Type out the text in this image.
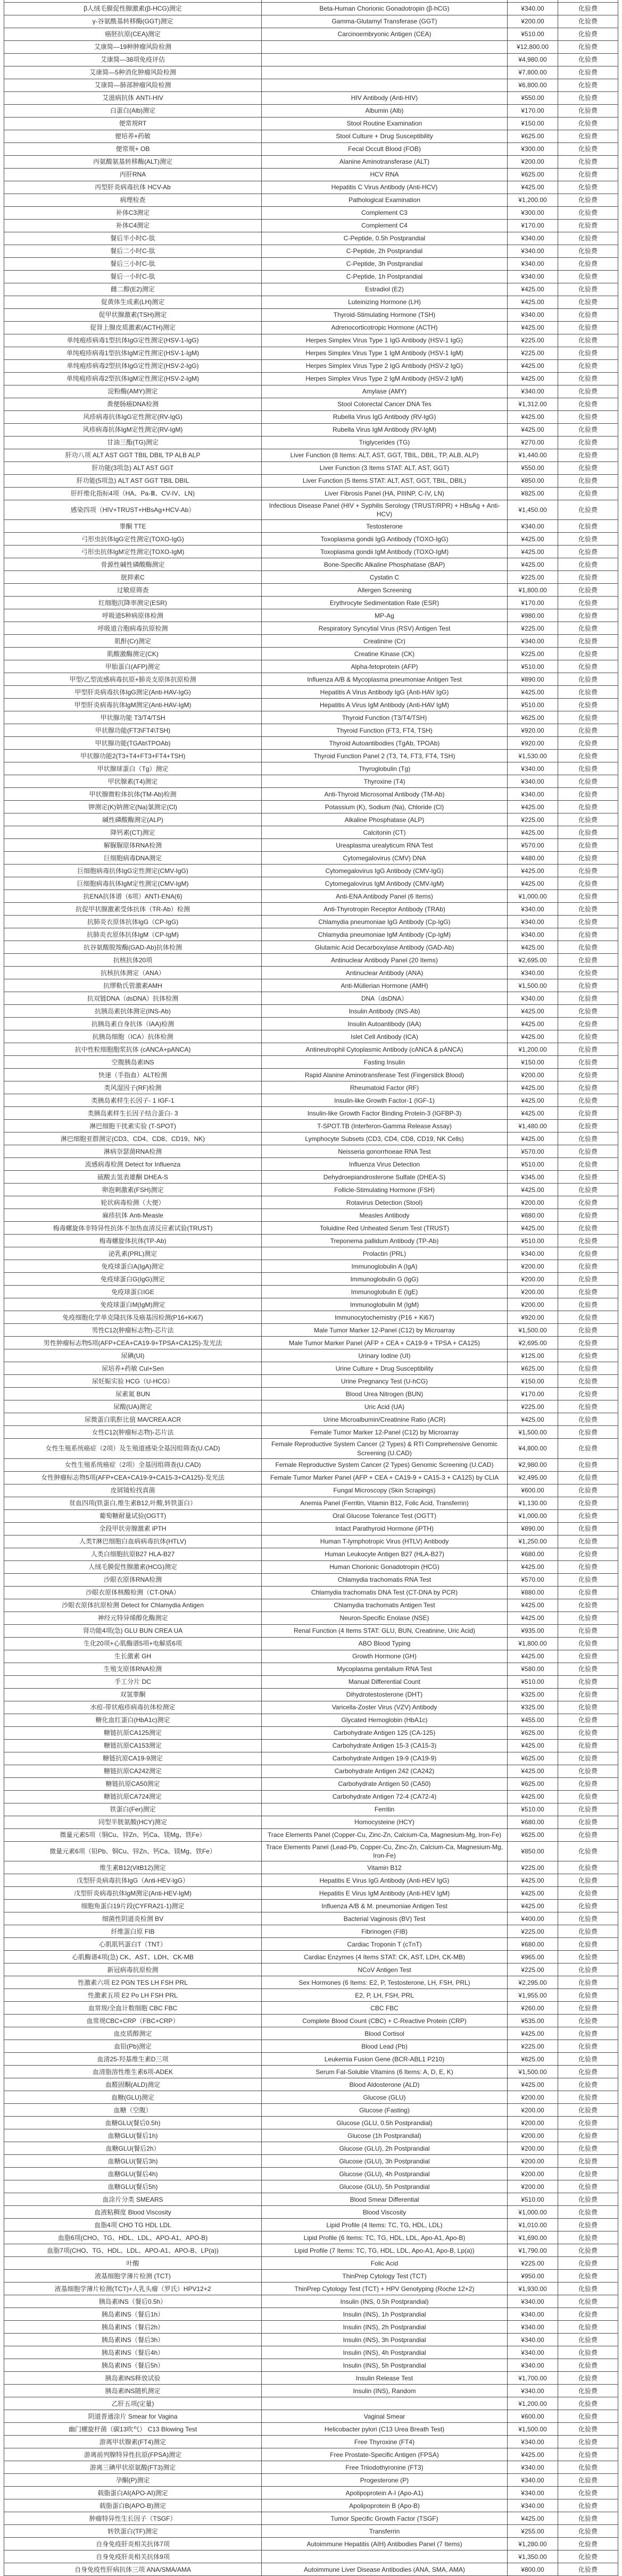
β人绒毛膜促性腺激素(β-HCG)测定	Beta-Human Chorionic Gonadotropin (β-hCG)	¥340.00	化验费
γ-谷氨酰基转移酶(GGT)测定	Gamma-Glutamyl Transferase (GGT)	¥200.00	化验费
癌胚抗原(CEA)测定	Carcinoembryonic Antigen (CEA)	¥510.00	化验费
艾康简—19种肿瘤风险检测		¥12,800.00	化验费
艾康简—38项免疫评估		¥4,980.00	化验费
艾康简—5种消化肿瘤风险检测		¥7,800.00	化验费
艾康简—肺部肿瘤风险检测		¥6,800.00	化验费
艾滋病抗体 ANTI-HIV	HIV Antibody (Anti-HIV)	¥550.00	化验费
白蛋白(Alb)测定	Albumin (Alb)	¥170.00	化验费
便常规RT	Stool Routine Examination	¥150.00	化验费
便培养+药敏	Stool Culture + Drug Susceptibility	¥625.00	化验费
便常规+ OB	Fecal Occult Blood (FOB)	¥300.00	化验费
丙氨酸氨基转移酶(ALT)测定	Alanine Aminotransferase (ALT)	¥200.00	化验费
丙肝RNA	HCV RNA	¥625.00	化验费
丙型肝炎病毒抗体 HCV-Ab	Hepatitis C Virus Antibody (Anti-HCV)	¥425.00	化验费
病理检查	Pathological Examination	¥1,200.00	化验费
补体C3测定	Complement C3	¥300.00	化验费
补体C4测定	Complement C4	¥170.00	化验费
餐后半小时C-肽	C-Peptide, 0.5h Postprandial	¥340.00	化验费
餐后二小时C-肽	C-Peptide, 2h Postprandial	¥340.00	化验费
餐后三小时C-肽	C-Peptide, 3h Postprandial	¥340.00	化验费
餐后一小时C-肽	C-Peptide, 1h Postprandial	¥340.00	化验费
雌二醇(E2)测定	Estradiol (E2)	¥425.00	化验费
促黄体生成素(LH)测定	Luteinizing Hormone (LH)	¥425.00	化验费
促甲状腺激素(TSH)测定	Thyroid-Stimulating Hormone (TSH)	¥340.00	化验费
促肾上腺皮质激素(ACTH)测定	Adrenocorticotropic Hormone (ACTH)	¥425.00	化验费
单纯疱疹病毒1型抗体IgG定性测定(HSV-1-IgG)	Herpes Simplex Virus Type 1 IgG Antibody (HSV-1 IgG)	¥225.00	化验费
单纯疱疹病毒1型抗体IgM定性测定(HSV-1-IgM)	Herpes Simplex Virus Type 1 IgM Antibody (HSV-1 IgM)	¥225.00	化验费
单纯疱疹病毒2型抗体IgG定性测定(HSV-2-IgG)	Herpes Simplex Virus Type 2 IgG Antibody (HSV-2 IgG)	¥425.00	化验费
单纯疱疹病毒2型抗体IgM定性测定(HSV-2-IgM)	Herpes Simplex Virus Type 2 IgM Antibody (HSV-2 IgM)	¥425.00	化验费
淀粉酶(AMY)测定	Amylase (AMY)	¥340.00	化验费
粪便肠癌DNA检测	Stool Colorectal Cancer DNA Tes	¥1,312.00	化验费
风疹病毒抗体IgG定性测定(RV-IgG)	Rubella Virus IgG Antibody (RV-IgG)	¥425.00	化验费
风疹病毒抗体IgM定性测定(RV-IgM)	Rubella Virus IgM Antibody (RV-IgM)	¥425.00	化验费
甘油三酯(TG)测定	Triglycerides (TG)	¥270.00	化验费
肝功八项 ALT AST GGT TBIL DBIL TP ALB ALP	Liver Function (8 Items: ALT, AST, GGT, TBIL, DBIL, TP, ALB, ALP)	¥1,440.00	化验费
肝功能(3项急) ALT AST GGT	Liver Function (3 Items STAT: ALT, AST, GGT)	¥550.00	化验费
肝功能(5项急) ALT AST GGT TBIL DBIL	Liver Function (5 Items STAT: ALT, AST, GGT, TBIL, DBIL)	¥850.00	化验费
肝纤维化指标4项（HA、Pa-Ⅲ、CV-IV、LN)	Liver Fibrosis Panel (HA, PIIINP, C-IV, LN)	¥825.00	化验费
感染四项（HIV+TRUST+HBsAg+HCV-Ab）	Infectious Disease Panel (HIV + Syphilis Serology (TRUST/RPR) + HBsAg + Anti-HCV)	¥1,450.00	化验费
睾酮 TTE	Testosterone	¥340.00	化验费
弓形虫抗体IgG定性测定(TOXO-IgG)	Toxoplasma gondii IgG Antibody (TOXO-IgG)	¥425.00	化验费
弓形虫抗体IgM定性测定(TOXO-IgM)	Toxoplasma gondii IgM Antibody (TOXO-IgM)	¥425.00	化验费
骨源性碱性磷酸酶测定	Bone-Specific Alkaline Phosphatase (BAP)	¥425.00	化验费
胱抑素C	Cystatin C	¥225.00	化验费
过敏原筛查	Allergen Screening	¥1,800.00	化验费
红细胞沉降率测定(ESR)	Erythrocyte Sedimentation Rate (ESR)	¥170.00	化验费
呼吸道5种病原体检测	MP-Ag	¥980.00	化验费
呼吸道合胞病毒抗原检测	Respiratory Syncytial Virus (RSV) Antigen Test	¥225.00	化验费
肌酐(Cr)测定	Creatinine (Cr)	¥340.00	化验费
肌酸激酶测定(CK)	Creatine Kinase (CK)	¥225.00	化验费
甲胎蛋白(AFP)测定	Alpha-fetoprotein (AFP)	¥510.00	化验费
甲型/乙型流感病毒抗原+肺炎支原体抗原检测	Influenza A/B & Mycoplasma pneumoniae Antigen Test	¥890.00	化验费
甲型肝炎病毒抗体IgG测定(Anti-HAV-IgG)	Hepatitis A Virus Antibody IgG (Anti-HAV IgG)	¥425.00	化验费
甲型肝炎病毒抗体IgM测定(Anti-HAV-IgM)	Hepatitis A Virus IgM Antibody (Anti-HAV IgM)	¥510.00	化验费
甲状腺功能 T3/T4/TSH	Thyroid Function (T3/T4/TSH)	¥625.00	化验费
甲状腺功能(FT3\FT4\TSH)	Thyroid Function (FT3, FT4, TSH)	¥920.00	化验费
甲状腺功能(TGAb\TPOAb)	Thyroid Autoantibodies (TgAb, TPOAb)	¥920.00	化验费
甲状腺功能2(T3+T4+FT3+FT4+TSH)	Thyroid Function Panel 2 (T3, T4, FT3, FT4, TSH)	¥1,530.00	化验费
甲状腺球蛋白（Tg）测定	Thyroglobulin (Tg)	¥340.00	化验费
甲状腺素(T4)测定	Thyroxine (T4)	¥340.00	化验费
甲状腺微粒体抗体(TM-Ab)检测	Anti-Thyroid Microsomal Antibody (TM-Ab)	¥340.00	化验费
钾测定(K)钠测定(Na)氯测定(Cl)	Potassium (K), Sodium (Na), Chloride (Cl)	¥425.00	化验费
碱性磷酸酶测定(ALP)	Alkaline Phosphatase (ALP)	¥225.00	化验费
降钙素(CT)测定	Calcitonin (CT)	¥425.00	化验费
解脲脲原体RNA检测	Ureaplasma urealyticum RNA Test	¥570.00	化验费
巨细胞病毒DNA测定	Cytomegalovirus (CMV) DNA	¥480.00	化验费
巨细胞病毒抗体IgG定性测定(CMV-IgG)	Cytomegalovirus IgG Antibody (CMV-IgG)	¥425.00	化验费
巨细胞病毒抗体IgM定性测定(CMV-IgM)	Cytomegalovirus IgM Antibody (CMV-IgM)	¥425.00	化验费
抗ENA抗体谱（6项）ANTI-ENA(6)	Anti-ENA Antibody Panel (6 Items)	¥1,000.00	化验费
抗促甲状腺激素受体抗体（TR-Ab）检测	Anti-Thyrotropin Receptor Antibody (TRAb)	¥340.00	化验费
抗肺炎衣原体抗体IgG（CP-IgG)	Chlamydia pneumoniae IgG Antibody (Cp-IgG)	¥340.00	化验费
抗肺炎衣原体抗体IgM（CP-IgM)	Chlamydia pneumoniae IgM Antibody (Cp-IgM)	¥340.00	化验费
抗谷氨酸脱羧酶(GAD-Ab)抗体检测	Glutamic Acid Decarboxylase Antibody (GAD-Ab)	¥425.00	化验费
抗核抗体20项	Antinuclear Antibody Panel (20 Items)	¥2,695.00	化验费
抗核抗体测定（ANA）	Antinuclear Antibody (ANA)	¥340.00	化验费
抗缪勒氏管激素AMH	Anti-Müllerian Hormone (AMH)	¥1,500.00	化验费
抗双链DNA（dsDNA）抗体检测	DNA（dsDNA）	¥340.00	化验费
抗胰岛素抗体测定(INS-Ab)	Insulin Antibody (INS-Ab)	¥425.00	化验费
抗胰岛素自身抗体（IAA)检测	Insulin Autoantibody (IAA)	¥425.00	化验费
抗胰岛细胞（ICA）抗体检测	Islet Cell Antibody (ICA)	¥425.00	化验费
抗中性粒细胞胞浆抗体 (cANCA+pANCA)	Antineutrophil Cytoplasmic Antibody (cANCA & pANCA)	¥1,200.00	化验费
空腹胰岛素INS	Fasting Insulin	¥150.00	化验费
快速（手指血）ALT检测	Rapid Alanine Aminotransferase Test (Fingerstick Blood)	¥200.00	化验费
类风湿因子(RF)检测	Rheumatoid Factor (RF)	¥425.00	化验费
类胰岛素样生长因子- 1 IGF-1	Insulin-like Growth Factor-1 (IGF-1)	¥425.00	化验费
类胰岛素样生长因子结合蛋白- 3	Insulin-like Growth Factor Binding Protein-3 (IGFBP-3)	¥425.00	化验费
淋巴细胞干扰素实验 (T-SPOT)	T-SPOT.TB (Interferon-Gamma Release Assay)	¥1,480.00	化验费
淋巴细胞亚群测定(CD3、CD4、CD8、CD19、NK)	Lymphocyte Subsets (CD3, CD4, CD8, CD19, NK Cells)	¥425.00	化验费
淋病奈瑟菌RNA检测	Neisseria gonorrhoeae RNA Test	¥570.00	化验费
流感病毒检测 Detect for Influenza	Influenza Virus Detection	¥510.00	化验费
硫酸去氢表雄酮 DHEA-S	Dehydroepiandrosterone Sulfate (DHEA-S)	¥345.00	化验费
卵泡刺激素(FSH)测定	Follicle-Stimulating Hormone (FSH)	¥425.00	化验费
轮状病毒检测（大便）	Rotavirus Detection (Stool)	¥200.00	化验费
麻疹抗体 Anti-Measle	Measles Antibody	¥680.00	化验费
梅毒螺旋体非特异性抗体不加热血清反应素试验(TRUST)	Toluidine Red Unheated Serum Test (TRUST)	¥425.00	化验费
梅毒螺旋体抗体(TP-Ab)	Treponema pallidum Antibody (TP-Ab)	¥510.00	化验费
泌乳素(PRL)测定	Prolactin (PRL)	¥340.00	化验费
免疫球蛋白A(IgA)测定	Immunoglobulin A (IgA)	¥200.00	化验费
免疫球蛋白G(IgG)测定	Immunoglobulin G (IgG)	¥200.00	化验费
免疫球蛋白IGE	Immunoglobulin E (IgE)	¥200.00	化验费
免疫球蛋白M(IgM)测定	Immunoglobulin M (IgM)	¥200.00	化验费
免疫细胞化学单克隆抗体及癌基因检测(P16+Ki67)	Immunocytochemistry (P16 + Ki67)	¥920.00	化验费
男性C12(肿瘤标志物)-芯片法	Male Tumor Marker 12-Panel (C12) by Microarray	¥1,500.00	化验费
男性肿瘤标志物5项(AFP+CEA+CA19-9+TPSA+CA125)-发光法	Male Tumor Marker Panel (AFP + CEA + CA19-9 + TPSA + CA125)	¥2,695.00	化验费
尿碘(UI)	Urinary Iodine (UI)	¥125.00	化验费
尿培养+药敏 Cul+Sen	Urine Culture + Drug Susceptibility	¥625.00	化验费
尿妊娠实验 HCG（U-HCG）	Urine Pregnancy Test (U-hCG)	¥150.00	化验费
尿素氮 BUN	Blood Urea Nitrogen (BUN)	¥170.00	化验费
尿酸(UA)测定	Uric Acid (UA)	¥225.00	化验费
尿微蛋白肌酐比值 MA/CREA ACR	Urine Microalbumin/Creatinine Ratio (ACR)	¥425.00	化验费
女性C12(肿瘤标志物)-芯片法	Female Tumor Marker 12-Panel (C12) by Microarray	¥1,500.00	化验费
女性生殖系统癌症（2项）及生殖道感染全基因组筛查(U.CAD)	Female Reproductive System Cancer (2 Types) & RTI Comprehensive Genomic Screening (U.CAD)	¥4,800.00	化验费
女性生殖系统癌症（2项）全基因组筛查(U.CAD)	Female Reproductive System Cancer (2 Types) Genomic Screening (U.CAD)	¥2,980.00	化验费
女性肿瘤标志物5项(AFP+CEA+CA19-9+CA15-3+CA125)-发光法	Female Tumor Marker Panel (AFP + CEA + CA19-9 + CA15-3 + CA125) by CLIA	¥2,495.00	化验费
皮屑镜检找真菌	Fungal Microscopy (Skin Scrapings)	¥600.00	化验费
贫血四项(铁蛋白,维生素B12,叶酸,转铁蛋白）	Anemia Panel (Ferritin, Vitamin B12, Folic Acid, Transferrin)	¥1,130.00	化验费
葡萄糖耐量试验(OGTT)	Oral Glucose Tolerance Test (OGTT)	¥1,000.00	化验费
全段甲状旁腺激素 iPTH	Intact Parathyroid Hormone (iPTH)	¥890.00	化验费
人类T淋巴细胞白血病病毒抗体(HTLV)	Human T-lymphotropic Virus (HTLV) Antibody	¥1,250.00	化验费
人类白细胞抗原B27 HLA-B27	Human Leukocyte Antigen B27 (HLA-B27)	¥680.00	化验费
人绒毛膜促性腺激素(HCG)测定	Human Chorionic Gonadotropin (HCG)	¥425.00	化验费
沙眼衣原体RNA检测	Chlamydia trachomatis RNA Test	¥570.00	化验费
沙眼衣原体核酸检测（CT-DNA）	Chlamydia trachomatis DNA Test (CT-DNA by PCR)	¥880.00	化验费
沙眼衣原体抗原检测 Detect for Chlamydia Antigen	Chlamydia trachomatis Antigen Test	¥425.00	化验费
神经元特异烯醇化酶测定	Neuron-Specific Enolase (NSE)	¥425.00	化验费
肾功能4项(急) GLU BUN CREA UA	Renal Function (4 Items STAT: GLU, BUN, Creatinine, Uric Acid)	¥935.00	化验费
生化20项+心肌酶谱5项+电解质6项	ABO Blood Typing	¥1,800.00	化验费
生长激素 GH	Growth Hormone (GH)	¥425.00	化验费
生殖支原体RNA检测	Mycoplasma genitalium RNA Test	¥580.00	化验费
手工分片 DC	Manual Differential Count	¥510.00	化验费
双氢睾酮	Dihydrotestosterone (DHT)	¥325.00	化验费
水痘-带状疱疹病毒抗体检测定	Varicella-Zoster Virus (VZV) Antibody	¥325.00	化验费
糖化血红蛋白(HbA1c)测定	Glycated Hemoglobin (HbA1c)	¥455.00	化验费
糖链抗原CA125测定	Carbohydrate Antigen 125 (CA-125)	¥625.00	化验费
糖链抗原CA153测定	Carbohydrate Antigen 15-3 (CA15-3)	¥425.00	化验费
糖链抗原CA19-9测定	Carbohydrate Antigen 19-9 (CA19-9)	¥625.00	化验费
糖链抗原CA242测定	Carbohydrate Antigen 242 (CA242)	¥425.00	化验费
糖链抗原CA50测定	Carbohydrate Antigen 50 (CA50)	¥625.00	化验费
糖链抗原CA724测定	Carbohydrate Antigen 72-4 (CA72-4)	¥425.00	化验费
铁蛋白(Fer)测定	Ferritin	¥510.00	化验费
同型半胱氨酸(HCY)测定	Homocysteine (HCY)	¥680.00	化验费
微量元素5项（铜Cu、锌Zn、钙Ca、镁Mg、铁Fe）	Trace Elements Panel (Copper-Cu, Zinc-Zn, Calcium-Ca, Magnesium-Mg, Iron-Fe)	¥625.00	化验费
微量元素6项（铅Pb、铜Cu、锌Zn、钙Ca、镁Mg、铁Fe）	Trace Elements Panel (Lead-Pb, Copper-Cu, Zinc-Zn, Calcium-Ca, Magnesium-Mg, Iron-Fe)	¥850.00	化验费
维生素B12(VitB12)测定	Vitamin B12	¥225.00	化验费
戊型肝炎病毒抗体IgG（Anti-HEV-IgG）	Hepatitis E Virus IgG Antibody (Anti-HEV IgG)	¥425.00	化验费
戊型肝炎病毒抗体IgM测定(Anti-HEV-IgM)	Hepatitis E Virus IgM Antibody (Anti-HEV IgM)	¥425.00	化验费
细胞角蛋白19片段(CYFRA21-1)测定	Influenza A/B & M. pneumoniae Antigen Test	¥425.00	化验费
细菌性阴道炎检测 BV	Bacterial Vaginosis (BV) Test	¥400.00	化验费
纤维蛋白原 FIB	Fibrinogen (FIB)	¥225.00	化验费
心肌肌钙蛋白T（TNT）	Cardiac Troponin T (cTnT)	¥680.00	化验费
心肌酶谱4项(急) CK、AST、LDH、CK-MB	Cardiac Enzymes (4 Items STAT: CK, AST, LDH, CK-MB)	¥965.00	化验费
新冠病毒抗原检测	NCoV Antigen Test	¥225.00	化验费
性激素六项 E2 PGN TES LH FSH PRL	Sex Hormones (6 Items: E2, P, Testosterone, LH, FSH, PRL)	¥2,295.00	化验费
性激素五项 E2 Po LH FSH PRL	E2, P, LH, FSH, PRL	¥1,955.00	化验费
血常规/全血计数细胞 CBC FBC	CBC FBC	¥260.00	化验费
血常规CBC+CRP（FBC+CRP）	Complete Blood Count (CBC) + C-Reactive Protein (CRP)	¥535.00	化验费
血皮质醇测定	Blood Cortisol	¥425.00	化验费
血铅(Pb)测定	Blood Lead (Pb)	¥225.00	化验费
血清25-羟基维生素D三项	Leukemia Fusion Gene (BCR-ABL1 P210)	¥625.00	化验费
血清脂溶性维生素6项-ADEK	Serum Fat-Soluble Vitamins (6 Items: A, D, E, K)	¥1,500.00	化验费
血醛固酮(ALD)测定	Blood Aldosterone (ALD)	¥425.00	化验费
血糖(GLU)测定	Glucose (GLU)	¥200.00	化验费
血糖（空腹）	Glucose (Fasting)	¥200.00	化验费
血糖GLU(餐后0.5h)	Glucose (GLU, 0.5h Postprandial)	¥200.00	化验费
血糖GLU(餐后1h)	Glucose (1h Postprandial)	¥200.00	化验费
血糖GLU(餐后2h）	Glucose (GLU), 2h Postprandial	¥200.00	化验费
血糖GLU(餐后3h)	Glucose (GLU), 3h Postprandial	¥200.00	化验费
血糖GLU(餐后4h)	Glucose (GLU), 4h Postprandial	¥200.00	化验费
血糖GLU(餐后5h)	Glucose (GLU), 5h Postprandial	¥200.00	化验费
血涂片分类 SMEARS	Blood Smear Differential	¥510.00	化验费
血液粘稠度 Blood Viscosity	Blood Viscosity	¥1,000.00	化验费
血脂4项 CHO TG HDL LDL	Lipid Profile (4 Items: TC, TG, HDL, LDL)	¥1,010.00	化验费
血脂6项(CHO、TG、HDL、LDL、APO-A1、APO-B)	Lipid Profile (6 Items: TC, TG, HDL, LDL, Apo-A1, Apo-B)	¥1,690.00	化验费
血脂7项(CHO、TG、HDL、LDL、APO-A1、APO-B、LP(a))	Lipid Profile (7 Items: TC, TG, HDL, LDL, Apo-A1, Apo-B, Lp(a))	¥1,790.00	化验费
叶酸	Folic Acid	¥225.00	化验费
液基细胞学薄片检测 (TCT)	ThinPrep Cytology Test (TCT)	¥950.00	化验费
液基细胞学薄片检测(TCT)+人乳头瘤（罗氏）HPV12+2	ThinPrep Cytology Test (TCT) + HPV Genotyping (Roche 12+2)	¥1,930.00	化验费
胰岛素INS（餐后0.5h）	Insulin (INS, 0.5h Postprandial)	¥340.00	化验费
胰岛素INS（餐后1h）	Insulin (INS), 1h Postprandial	¥340.00	化验费
胰岛素INS（餐后2h）	Insulin (INS), 2h Postprandial	¥340.00	化验费
胰岛素INS（餐后3h）	Insulin (INS), 3h Postprandial	¥340.00	化验费
胰岛素INS（餐后4h）	Insulin (INS), 4h Postprandial	¥340.00	化验费
胰岛素INS（餐后5h）	Insulin (INS), 5h Postprandial	¥340.00	化验费
胰岛素INS释放试验	Insulin Release Test	¥1,700.00	化验费
胰岛素INS随机测定	Insulin (INS), Random	¥340.00	化验费
乙肝五项(定量)		¥1,200.00	化验费
阴道普通涂片 Smear for Vagina	Vaginal Smear	¥600.00	化验费
幽门螺旋杆菌（碳13吹气） C13 Blowing Test	Helicobacter pylori (C13 Urea Breath Test)	¥1,500.00	化验费
游离甲状腺素(FT4)测定	Free Thyroxine (FT4)	¥340.00	化验费
游离前列腺特异性抗原(FPSA)测定	Free Prostate-Specific Antigen (FPSA)	¥425.00	化验费
游离三碘甲状原氨酸(FT3)测定	Free Triiodothyronine (FT3)	¥340.00	化验费
孕酮(P)测定	Progesterone (P)	¥340.00	化验费
载脂蛋白AⅠ(APO-AⅠ)测定	Apolipoprotein A-I (Apo-A1)	¥340.00	化验费
载脂蛋白B(APO-B)测定	Apolipoprotein B (Apo-B)	¥340.00	化验费
肿瘤特异性生长因子（TSGF）	Tumor Specific Growth Factor (TSGF)	¥425.00	化验费
转铁蛋白(TF)测定	Transferrin	¥255.00	化验费
自身免疫肝炎相关抗体7项	Autoimmune Hepatitis (AIH) Antibodies Panel (7 Items)	¥1,280.00	化验费
自身免疫肝炎相关抗体9项		¥1,350.00	化验费
自身免疫性肝病抗体三项 ANA/SMA/AMA	Autoimmune Liver Disease Antibodies (ANA, SMA, AMA)	¥800.00	化验费
